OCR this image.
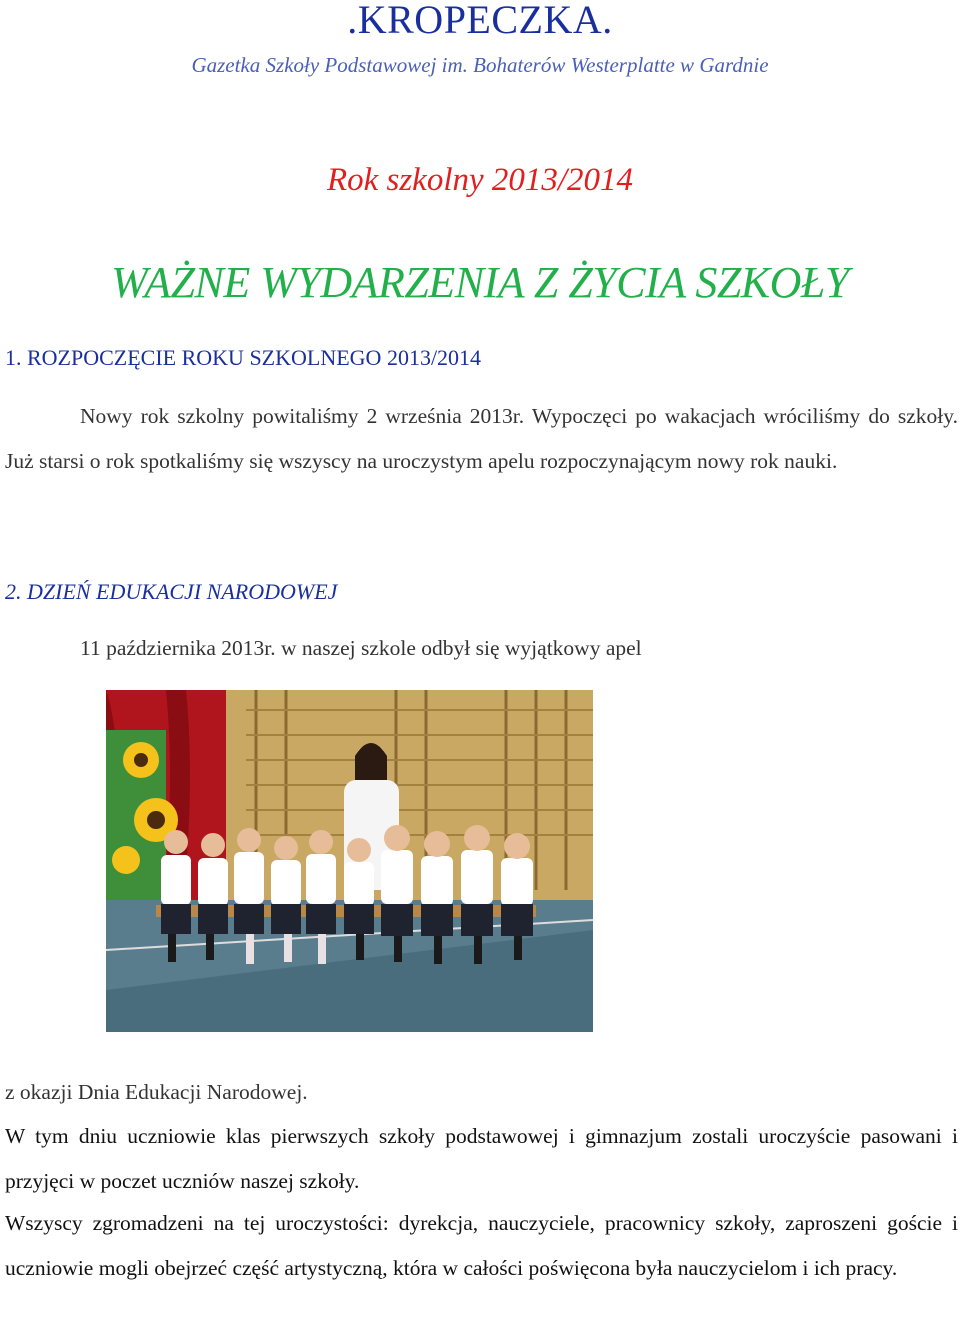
.KROPECZKA.
Gazetka Szkoły Podstawowej im. Bohaterów Westerplatte w Gardnie
Rok szkolny 2013/2014
WAŻNE WYDARZENIA Z ŻYCIA SZKOŁY
1. ROZPOCZĘCIE ROKU SZKOLNEGO 2013/2014
Nowy rok szkolny powitaliśmy 2 września 2013r. Wypoczęci po wakacjach wróciliśmy do szkoły. Już starsi o rok spotkaliśmy się wszyscy na uroczystym apelu rozpoczynającym nowy rok nauki.
2. DZIEŃ EDUKACJI NARODOWEJ
11 października 2013r. w naszej szkole odbył się wyjątkowy apel
z okazji Dnia Edukacji Narodowej.
W tym dniu uczniowie klas pierwszych szkoły podstawowej i gimnazjum zostali uroczyście pasowani i przyjęci w poczet uczniów naszej szkoły.
Wszyscy zgromadzeni na tej uroczystości: dyrekcja, nauczyciele, pracownicy szkoły, zaproszeni goście i uczniowie mogli obejrzeć część artystyczną, która w całości poświęcona była nauczycielom i ich pracy.
